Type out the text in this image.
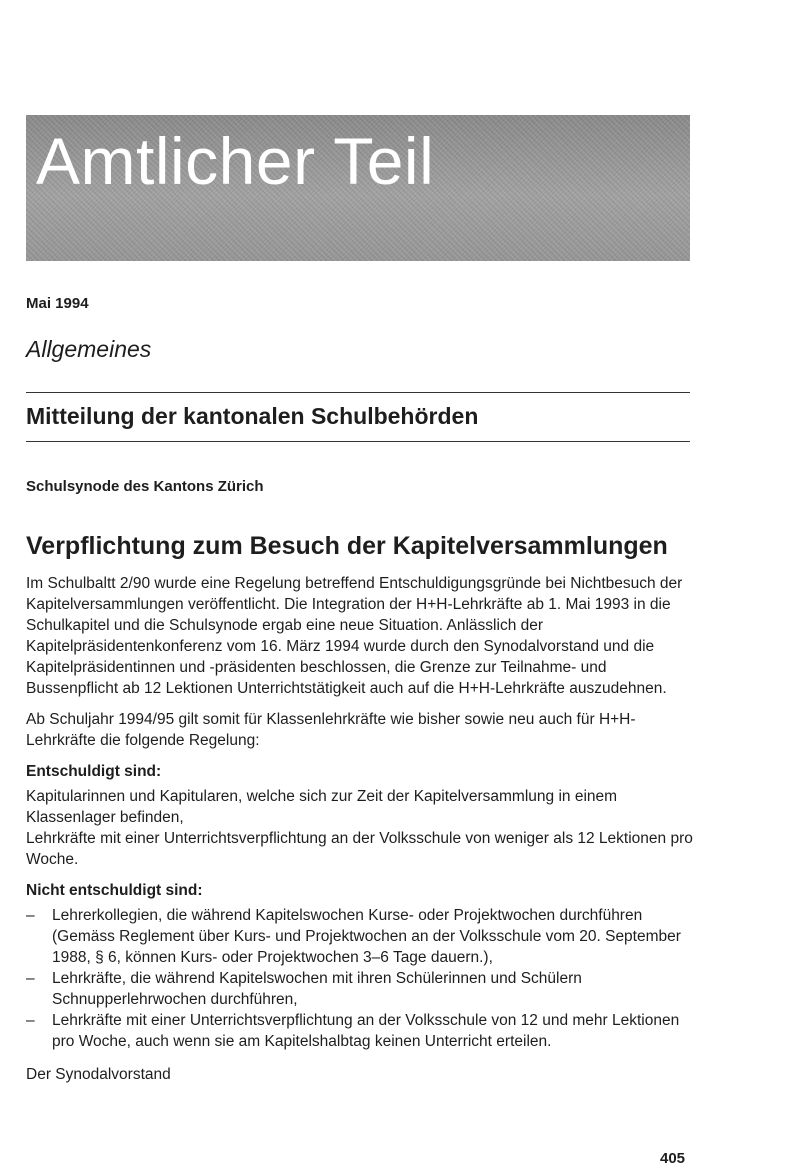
Amtlicher Teil

Mai 1994

Allgemeines
Mitteilung der kantonalen Schulbehörden

Schulsynode des Kantons Zürich

Verpflichtung zum Besuch der Kapitelversammlungen

Im Schulbaltt 2/90 wurde eine Regelung betreffend Entschuldigungsgründe bei Nichtbesuch der Kapitelversammlungen veröffentlicht. Die Integration der H+H-Lehrkräfte ab 1. Mai 1993 in die Schulkapitel und die Schulsynode ergab eine neue Situation. Anlässlich der Kapitelpräsidentenkonferenz vom 16. März 1994 wurde durch den Synodalvorstand und die Kapitelpräsidentinnen und -präsidenten beschlossen, die Grenze zur Teilnahme- und Bussenpflicht ab 12 Lektionen Unterrichtstätigkeit auch auf die H+H-Lehrkräfte auszudehnen.

Ab Schuljahr 1994/95 gilt somit für Klassenlehrkräfte wie bisher sowie neu auch für H+H-Lehrkräfte die folgende Regelung:

Entschuldigt sind:

Kapitularinnen und Kapitularen, welche sich zur Zeit der Kapitelversammlung in einem Klassenlager befinden,

Lehrkräfte mit einer Unterrichtsverpflichtung an der Volksschule von weniger als 12 Lektionen pro Woche.

Nicht entschuldigt sind:

– Lehrerkollegien, die während Kapitelswochen Kurse- oder Projektwochen durchführen (Gemäss Reglement über Kurs- und Projektwochen an der Volksschule vom 20. September 1988, § 6, können Kurs- oder Projektwochen 3–6 Tage dauern.),
– Lehrkräfte, die während Kapitelswochen mit ihren Schülerinnen und Schülern Schnupperlehrwochen durchführen,
– Lehrkräfte mit einer Unterrichtsverpflichtung an der Volksschule von 12 und mehr Lektionen pro Woche, auch wenn sie am Kapitelshalbtag keinen Unterricht erteilen.

Der Synodalvorstand

405
